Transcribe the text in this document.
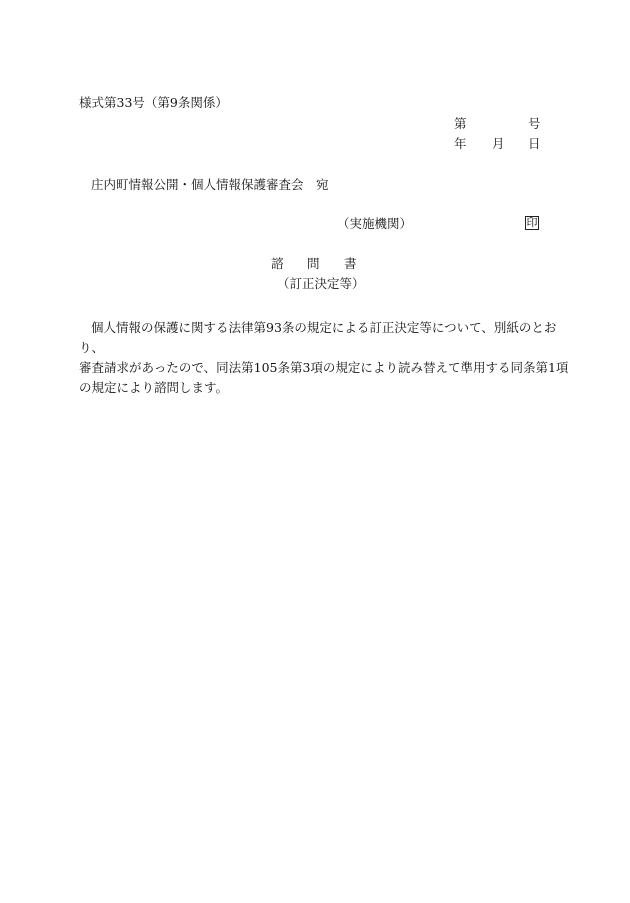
様式第33号（第9条関係）
第	号
年 月 日
庄内町情報公開・個人情報保護審査会　宛
（実施機関）	印
諮 問 書
（訂正決定等）

個人情報の保護に関する法律第93条の規定による訂正決定等について、別紙のとおり、

審査請求があったので、同法第105条第3項の規定により読み替えて準用する同条第1項

の規定により諮問します。
